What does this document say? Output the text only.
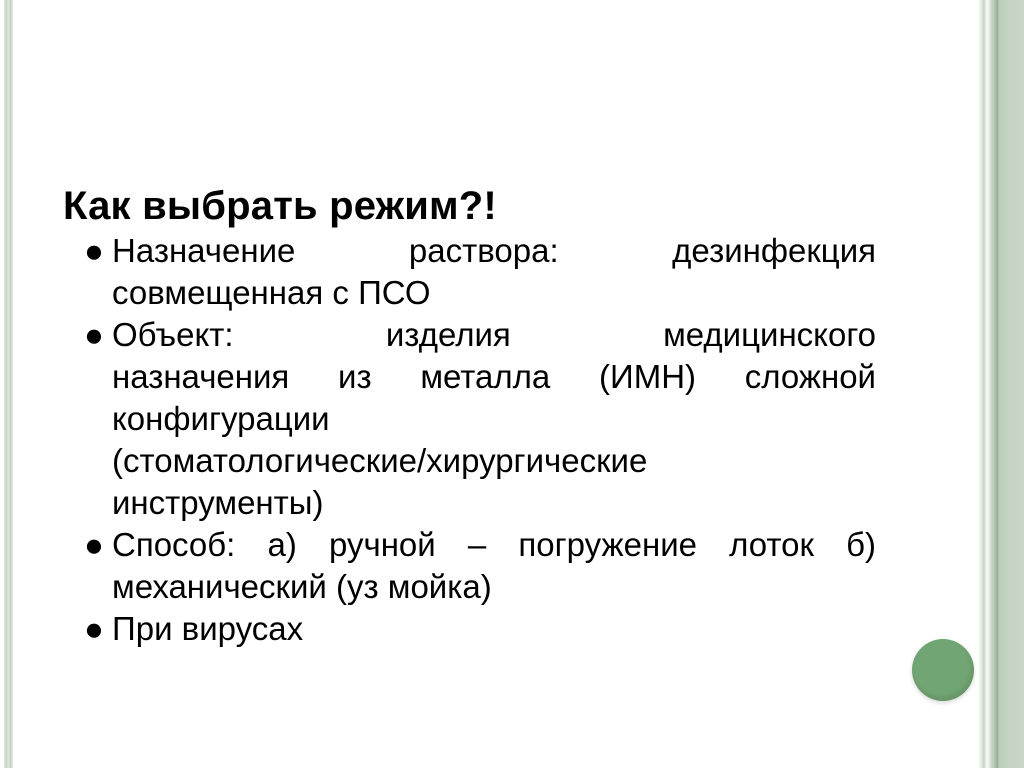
Как выбрать режим?!
● Назначение раствора: дезинфекция
совмещенная с ПСО
● Объект: изделия медицинского
назначения из металла (ИМН) сложной
конфигурации
(стоматологические/хирургические
инструменты)
● Способ: а) ручной – погружение лоток б)
механический (уз мойка)
● При вирусах
